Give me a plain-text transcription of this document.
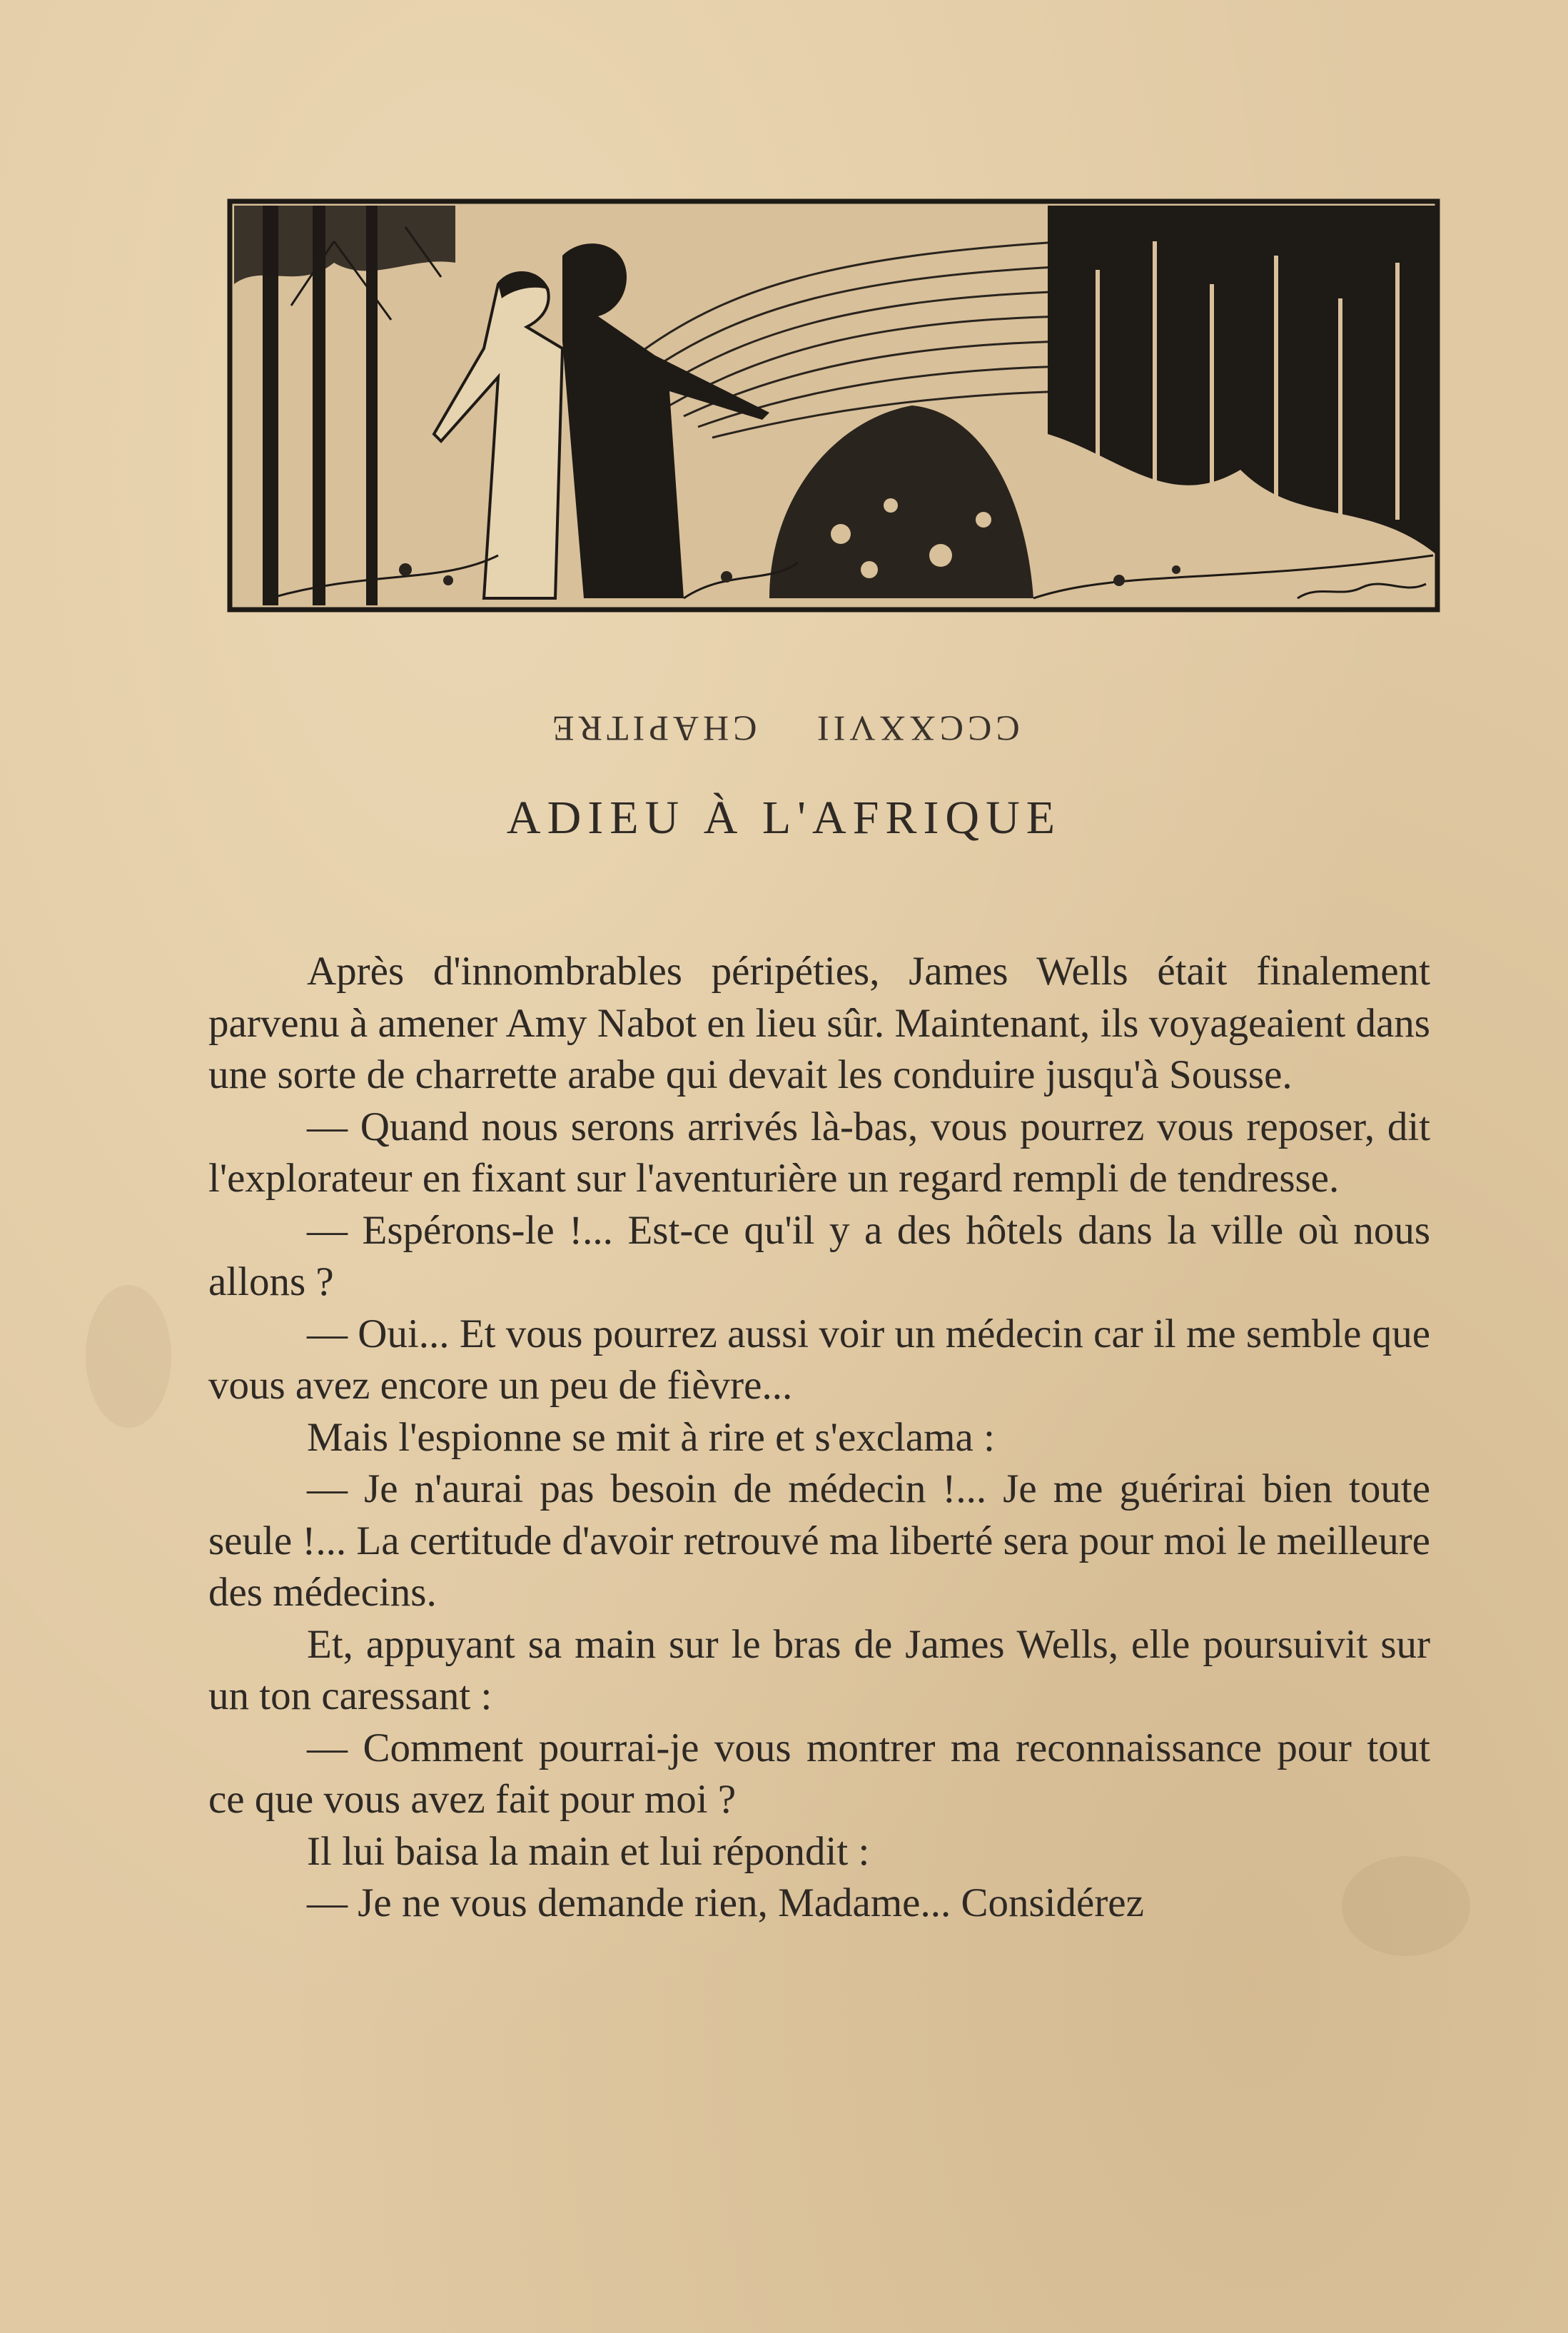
CHAPITRE CCCXXVII
ADIEU À L'AFRIQUE

Après d'innombrables péripéties, James Wells était finalement parvenu à amener Amy Nabot en lieu sûr. Maintenant, ils voyageaient dans une sorte de charrette arabe qui devait les conduire jusqu'à Sousse.

— Quand nous serons arrivés là-bas, vous pourrez vous reposer, dit l'explorateur en fixant sur l'aventurière un regard rempli de tendresse.

— Espérons-le !... Est-ce qu'il y a des hôtels dans la ville où nous allons ?

— Oui... Et vous pourrez aussi voir un médecin car il me semble que vous avez encore un peu de fièvre...

Mais l'espionne se mit à rire et s'exclama :

— Je n'aurai pas besoin de médecin !... Je me guérirai bien toute seule !... La certitude d'avoir retrouvé ma liberté sera pour moi le meilleure des médecins.

Et, appuyant sa main sur le bras de James Wells, elle poursuivit sur un ton caressant :

— Comment pourrai-je vous montrer ma reconnaissance pour tout ce que vous avez fait pour moi ?

Il lui baisa la main et lui répondit :

— Je ne vous demande rien, Madame... Considérez
